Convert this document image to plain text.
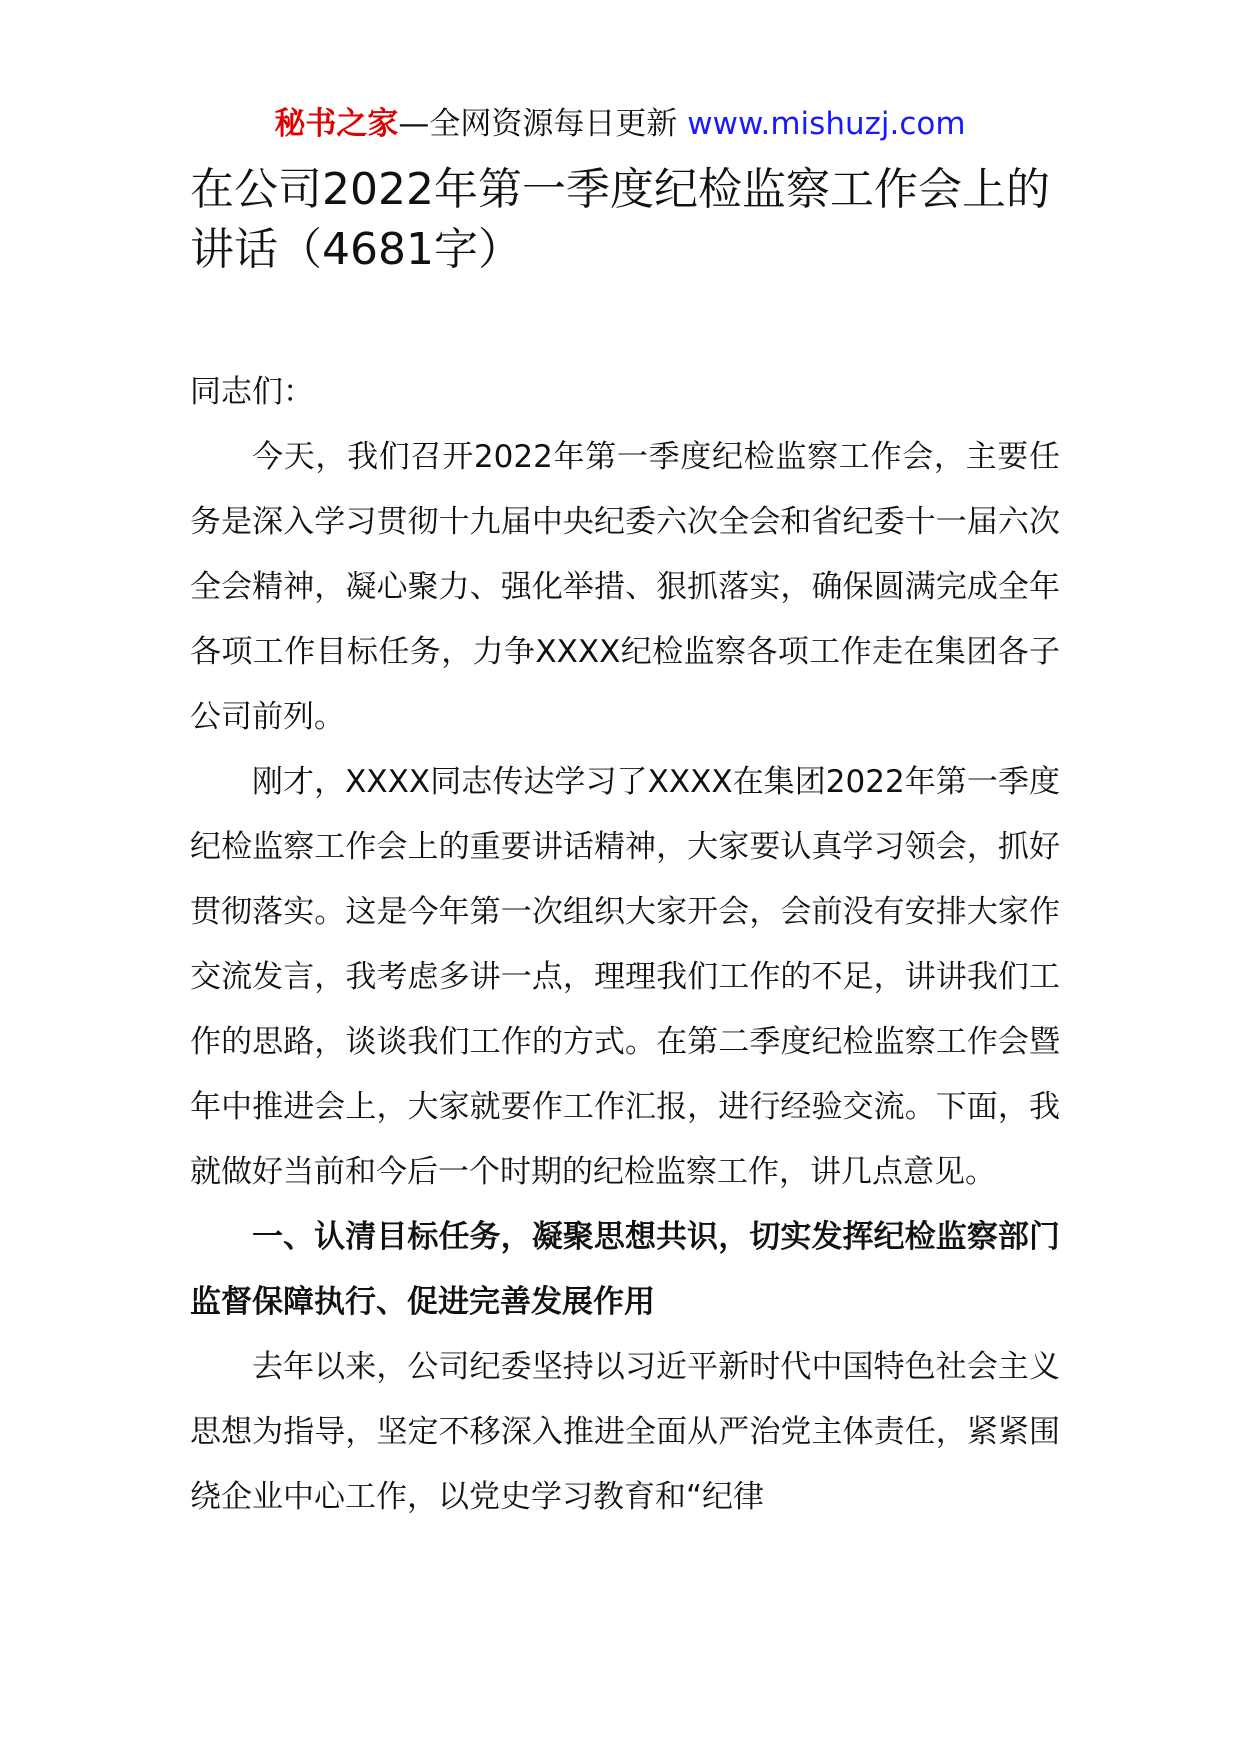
秘书之家—全网资源每日更新 www.mishuzj.com
在公司2022年第一季度纪检监察工作会上的讲话（4681字）

同志们：

今天，我们召开2022年第一季度纪检监察工作会，主要任务是深入学习贯彻十九届中央纪委六次全会和省纪委十一届六次全会精神，凝心聚力、强化举措、狠抓落实，确保圆满完成全年各项工作目标任务，力争XXXX纪检监察各项工作走在集团各子公司前列。

刚才，XXXX同志传达学习了XXXX在集团2022年第一季度纪检监察工作会上的重要讲话精神，大家要认真学习领会，抓好贯彻落实。这是今年第一次组织大家开会，会前没有安排大家作交流发言，我考虑多讲一点，理理我们工作的不足，讲讲我们工作的思路，谈谈我们工作的方式。在第二季度纪检监察工作会暨年中推进会上，大家就要作工作汇报，进行经验交流。下面，我就做好当前和今后一个时期的纪检监察工作，讲几点意见。

一、认清目标任务，凝聚思想共识，切实发挥纪检监察部门监督保障执行、促进完善发展作用

去年以来，公司纪委坚持以习近平新时代中国特色社会主义思想为指导，坚定不移深入推进全面从严治党主体责任，紧紧围绕企业中心工作，以党史学习教育和“纪律
